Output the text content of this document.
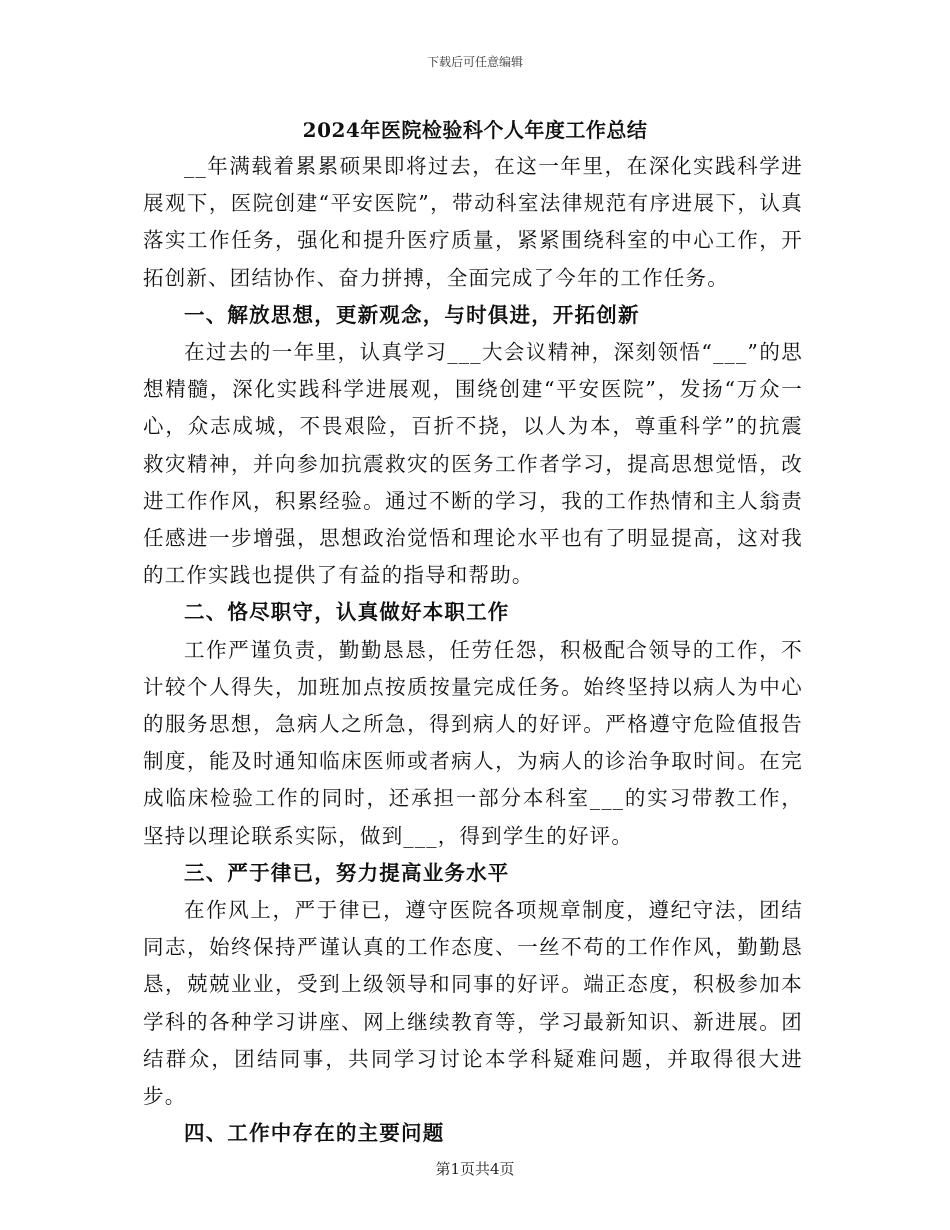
下载后可任意编辑
2024年医院检验科个人年度工作总结

__年满载着累累硕果即将过去，在这一年里，在深化实践科学进展观下，医院创建“平安医院”，带动科室法律规范有序进展下，认真落实工作任务，强化和提升医疗质量，紧紧围绕科室的中心工作，开拓创新、团结协作、奋力拼搏，全面完成了今年的工作任务。

一、解放思想，更新观念，与时俱进，开拓创新

在过去的一年里，认真学习___大会议精神，深刻领悟“___”的思想精髓，深化实践科学进展观，围绕创建“平安医院”，发扬“万众一心，众志成城，不畏艰险，百折不挠，以人为本，尊重科学”的抗震救灾精神，并向参加抗震救灾的医务工作者学习，提高思想觉悟，改进工作作风，积累经验。通过不断的学习，我的工作热情和主人翁责任感进一步增强，思想政治觉悟和理论水平也有了明显提高，这对我的工作实践也提供了有益的指导和帮助。

二、恪尽职守，认真做好本职工作

工作严谨负责，勤勤恳恳，任劳任怨，积极配合领导的工作，不计较个人得失，加班加点按质按量完成任务。始终坚持以病人为中心的服务思想，急病人之所急，得到病人的好评。严格遵守危险值报告制度，能及时通知临床医师或者病人，为病人的诊治争取时间。在完成临床检验工作的同时，还承担一部分本科室___的实习带教工作，坚持以理论联系实际，做到___，得到学生的好评。

三、严于律已，努力提高业务水平

在作风上，严于律已，遵守医院各项规章制度，遵纪守法，团结同志，始终保持严谨认真的工作态度、一丝不苟的工作作风，勤勤恳恳，兢兢业业，受到上级领导和同事的好评。端正态度，积极参加本学科的各种学习讲座、网上继续教育等，学习最新知识、新进展。团结群众，团结同事，共同学习讨论本学科疑难问题，并取得很大进步。

四、工作中存在的主要问题
第1页共4页
